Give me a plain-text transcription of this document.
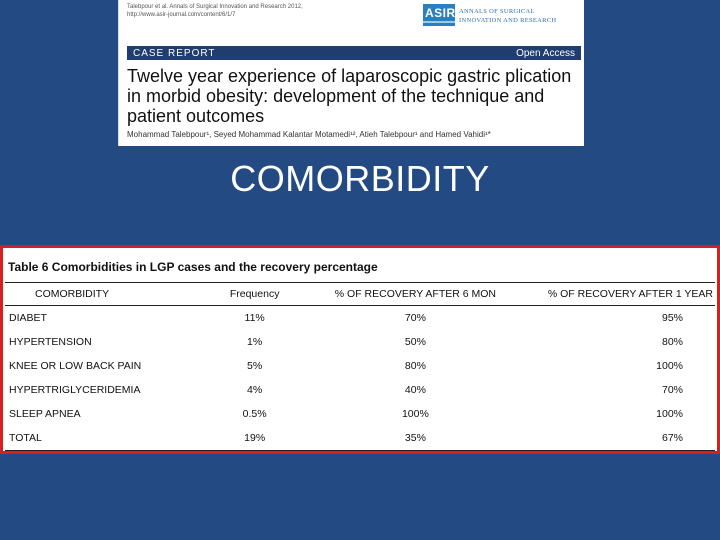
Talebpour et al. Annals of Surgical Innovation and Research 2012,
http://www.asir-journal.com/content/6/1/7	ASIR ANNALS OF SURGICAL
INNOVATION AND RESEARCH
CASE REPORT	Open Access
Twelve year experience of laparoscopic gastric plication in morbid obesity: development of the technique and patient outcomes
Mohammad Talebpour¹, Seyed Mohammad Kalantar Motamedi¹², Atieh Talebpour¹ and Hamed Vahidi¹*
COMORBIDITY
Table 6 Comorbidities in LGP cases and the recovery percentage
COMORBIDITY	Frequency	% OF RECOVERY AFTER 6 MON	% OF RECOVERY AFTER 1 YEAR
DIABET	11%	70%	95%
HYPERTENSION	1%	50%	80%
KNEE OR LOW BACK PAIN	5%	80%	100%
HYPERTRIGLYCERIDEMIA	4%	40%	70%
SLEEP APNEA	0.5%	100%	100%
TOTAL	19%	35%	67%
